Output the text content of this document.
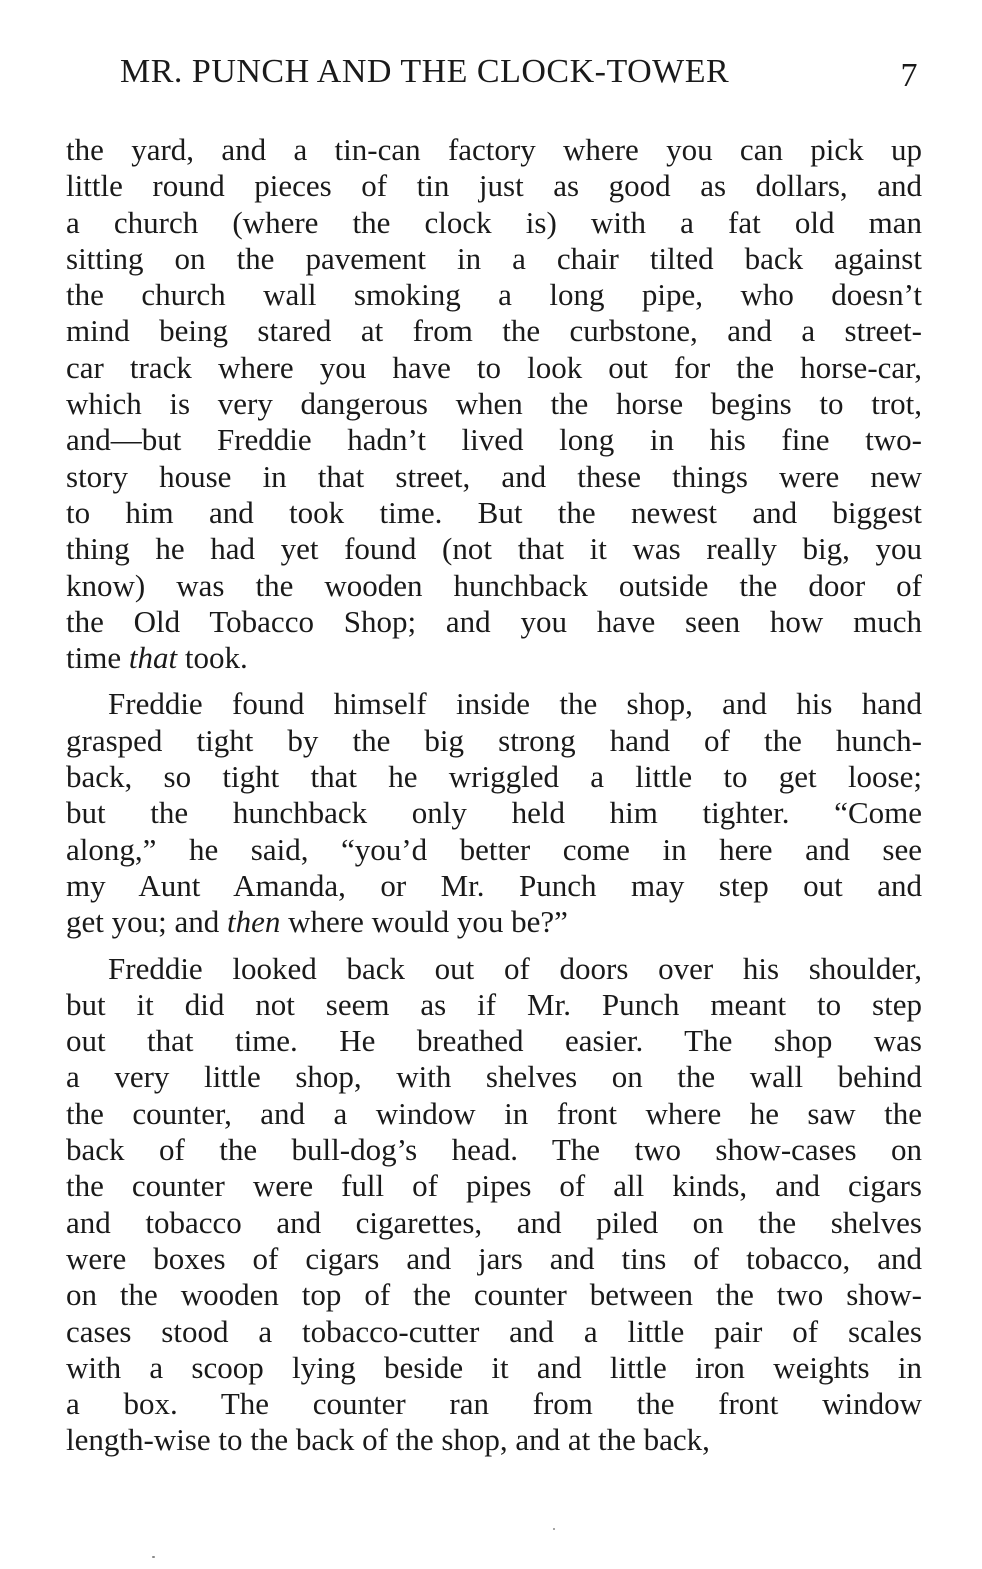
MR. PUNCH AND THE CLOCK-TOWER	7
the yard, and a tin-can factory where you can pick up
little round pieces of tin just as good as dollars, and
a church (where the clock is) with a fat old man
sitting on the pavement in a chair tilted back against
the church wall smoking a long pipe, who doesn’t
mind being stared at from the curbstone, and a street-
car track where you have to look out for the horse-car,
which is very dangerous when the horse begins to trot,
and—but Freddie hadn’t lived long in his fine two-
story house in that street, and these things were new
to him and took time. But the newest and biggest
thing he had yet found (not that it was really big, you
know) was the wooden hunchback outside the door of
the Old Tobacco Shop; and you have seen how much
time that took.
Freddie found himself inside the shop, and his hand
grasped tight by the big strong hand of the hunch-
back, so tight that he wriggled a little to get loose;
but the hunchback only held him tighter. “Come
along,” he said, “you’d better come in here and see
my Aunt Amanda, or Mr. Punch may step out and
get you; and then where would you be?”
Freddie looked back out of doors over his shoulder,
but it did not seem as if Mr. Punch meant to step
out that time. He breathed easier. The shop was
a very little shop, with shelves on the wall behind
the counter, and a window in front where he saw the
back of the bull-dog’s head. The two show-cases on
the counter were full of pipes of all kinds, and cigars
and tobacco and cigarettes, and piled on the shelves
were boxes of cigars and jars and tins of tobacco, and
on the wooden top of the counter between the two show-
cases stood a tobacco-cutter and a little pair of scales
with a scoop lying beside it and little iron weights in
a box. The counter ran from the front window
length-wise to the back of the shop, and at the back,
